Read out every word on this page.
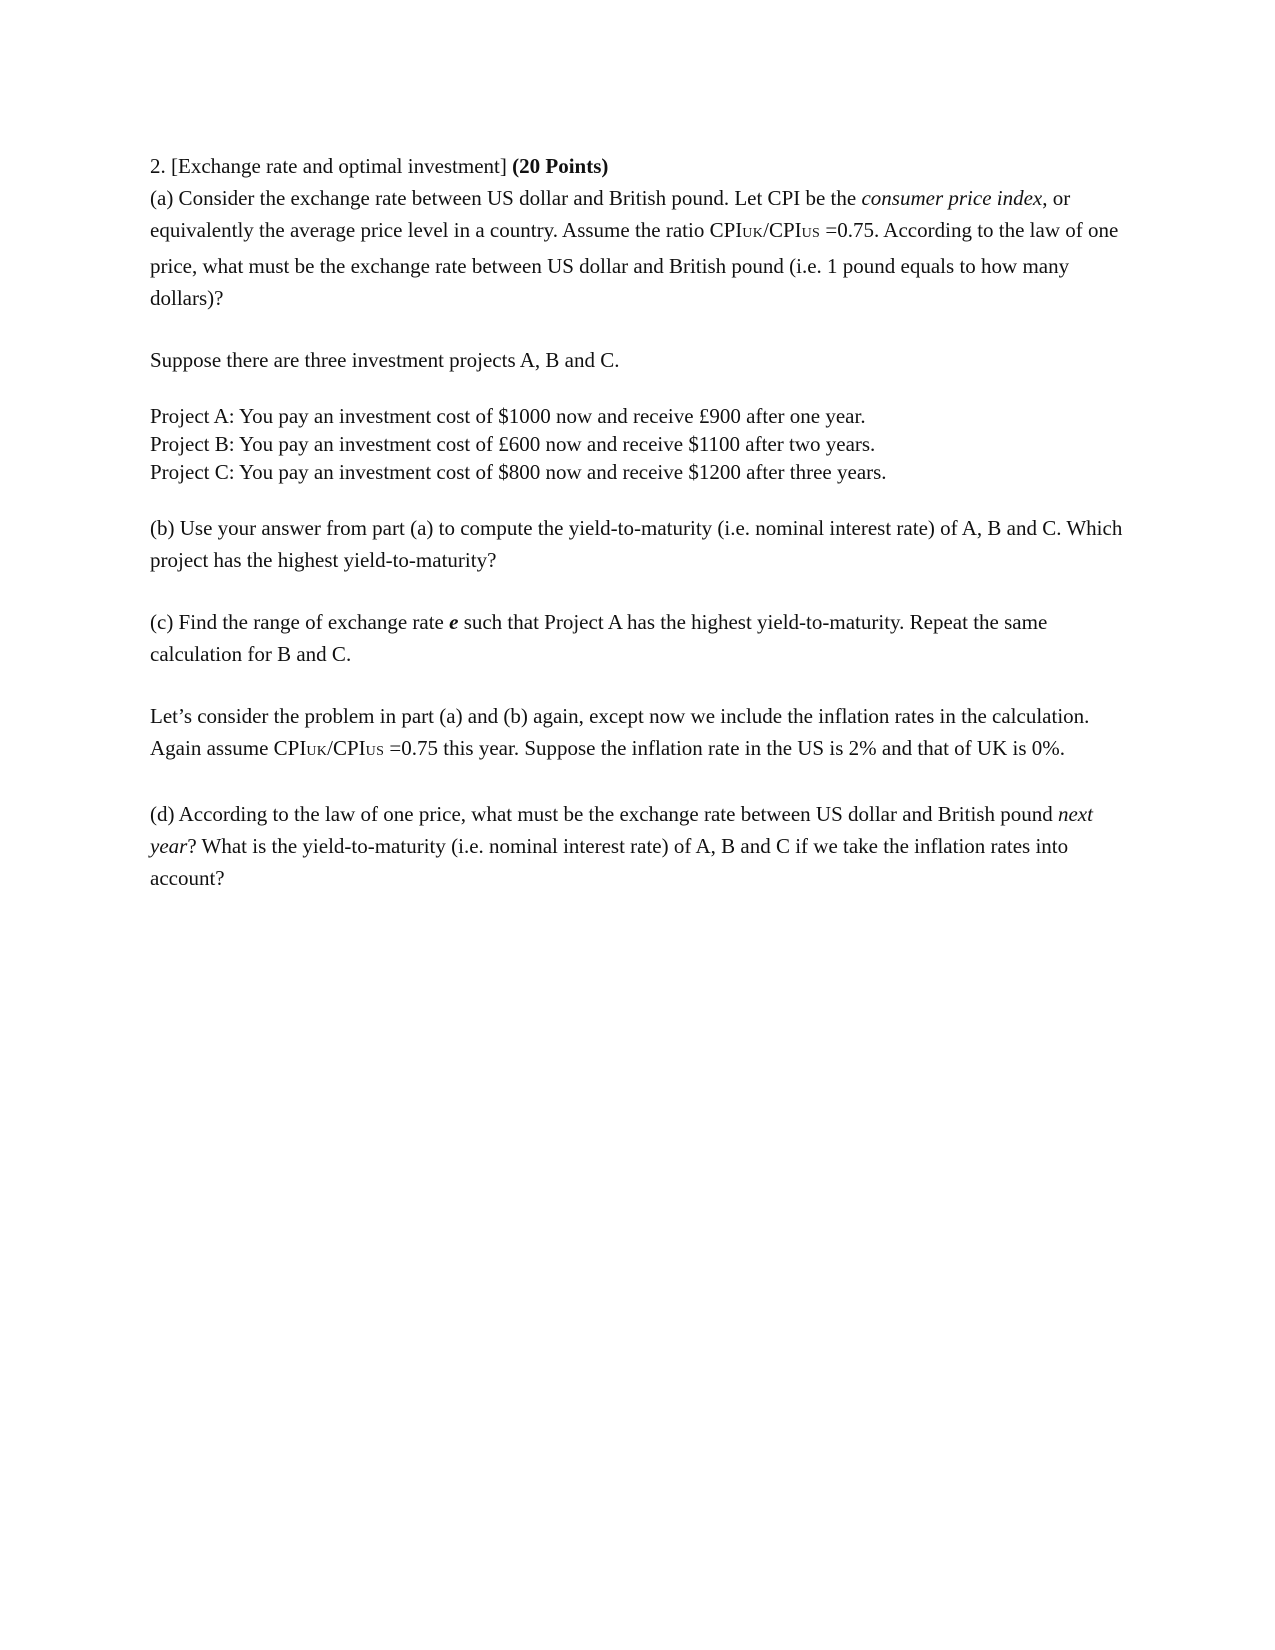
2. [Exchange rate and optimal investment] (20 Points)

(a) Consider the exchange rate between US dollar and British pound. Let CPI be the consumer price index, or equivalently the average price level in a country. Assume the ratio CPIUK/CPIUS =0.75. According to the law of one price, what must be the exchange rate between US dollar and British pound (i.e. 1 pound equals to how many dollars)?

Suppose there are three investment projects A, B and C.

Project A: You pay an investment cost of $1000 now and receive £900 after one year.

Project B: You pay an investment cost of £600 now and receive $1100 after two years.

Project C: You pay an investment cost of $800 now and receive $1200 after three years.

(b) Use your answer from part (a) to compute the yield-to-maturity (i.e. nominal interest rate) of A, B and C. Which project has the highest yield-to-maturity?

(c) Find the range of exchange rate e such that Project A has the highest yield-to-maturity. Repeat the same calculation for B and C.

Let’s consider the problem in part (a) and (b) again, except now we include the inflation rates in the calculation. Again assume CPIUK/CPIUS =0.75 this year. Suppose the inflation rate in the US is 2% and that of UK is 0%.

(d) According to the law of one price, what must be the exchange rate between US dollar and British pound next year? What is the yield-to-maturity (i.e. nominal interest rate) of A, B and C if we take the inflation rates into account?
